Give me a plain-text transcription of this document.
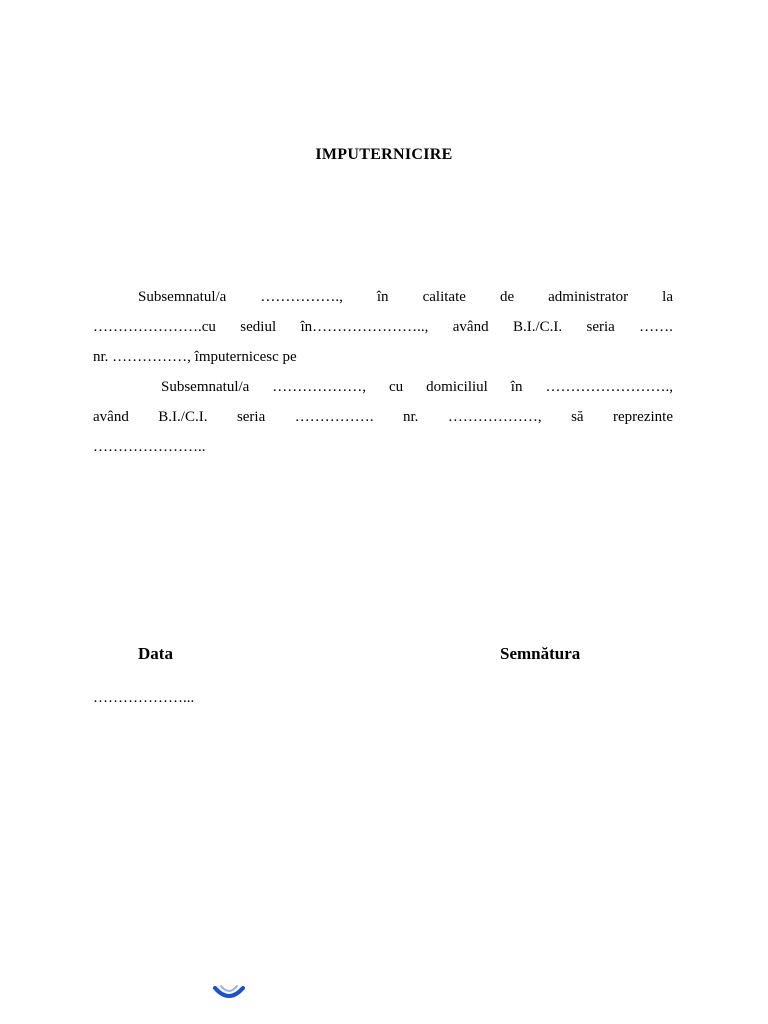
IMPUTERNICIRE
Subsemnatul/a ……………., în calitate de administrator la
………………….cu sediul în………………….., având B.I./C.I. seria …….
nr. ……………, împuternicesc pe
Subsemnatul/a ………………, cu domiciliul în …………………….,
având B.I./C.I. seria ……………. nr. ………………, să reprezinte
…………………..
Data	Semnătura
………………...
